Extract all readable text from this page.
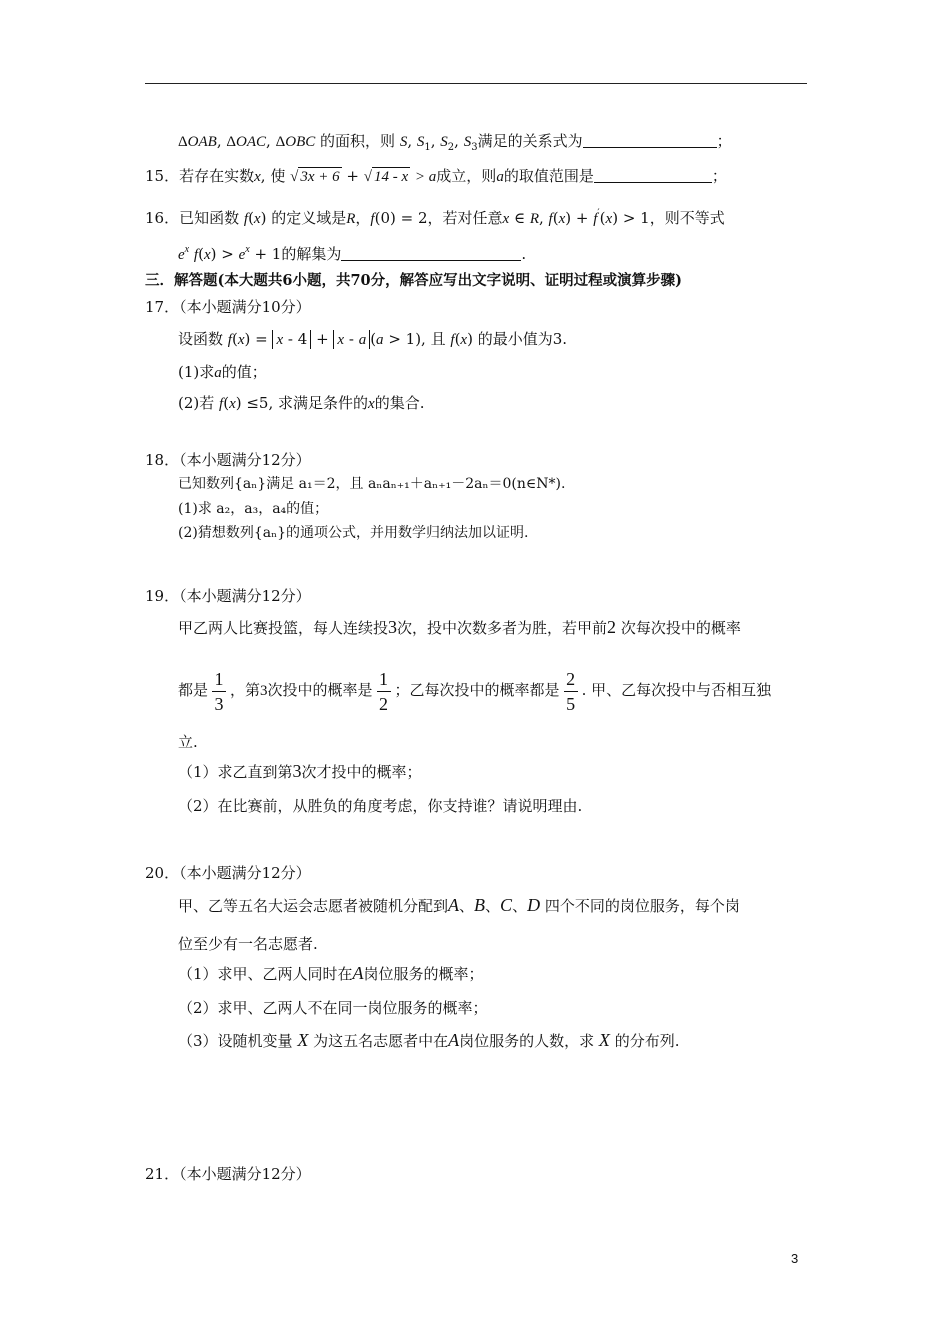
ΔOAB, ΔOAC, ΔOBC 的面积，则 S, $S_1$, $S_2$, $S_3$满足的关系式为	；
15．若存在实数x, 使 √ 3x + 6 + √ 14 - x > a成立，则a的取值范围是	；
16．已知函数 f(x) 的定义域是R，f(0) = 2，若对任意x ∈ R, f(x) + f′(x) > 1，则不等式
$e^x$ $f(x) > e^x + 1$的解集为	.
三．解答题(本大题共6小题，共70分，解答应写出文字说明、证明过程或演算步骤)
17．（本小题满分10分）
设函数 f(x) = x - 4 + x - a (a > 1), 且 f(x) 的最小值为3.
(1)求a的值；
(2)若 f(x) ≤5, 求满足条件的x的集合.
18．（本小题满分12分）
已知数列{aₙ}满足 a₁＝2，且 aₙaₙ₊₁＋aₙ₊₁－2aₙ＝0(n∈N*).
(1)求 a₂，a₃，a₄的值；
(2)猜想数列{aₙ}的通项公式，并用数学归纳法加以证明.
19．（本小题满分12分）
甲乙两人比赛投篮，每人连续投3次，投中次数多者为胜，若甲前2 次每次投中的概率
都是 $\frac{1}{3}$ ，第3次投中的概率是 $\frac{1}{2}$ ；乙每次投中的概率都是 $\frac{2}{5}$ . 甲、乙每次投中与否相互独
立.
（1）求乙直到第3次才投中的概率；
（2）在比赛前，从胜负的角度考虑，你支持谁？请说明理由.
20．（本小题满分12分）
甲、乙等五名大运会志愿者被随机分配到A、B、C、D 四个不同的岗位服务，每个岗
位至少有一名志愿者.
（1）求甲、乙两人同时在A岗位服务的概率；
（2）求甲、乙两人不在同一岗位服务的概率；
（3）设随机变量 X 为这五名志愿者中在A岗位服务的人数，求 X 的分布列.
21．（本小题满分12分）
3
